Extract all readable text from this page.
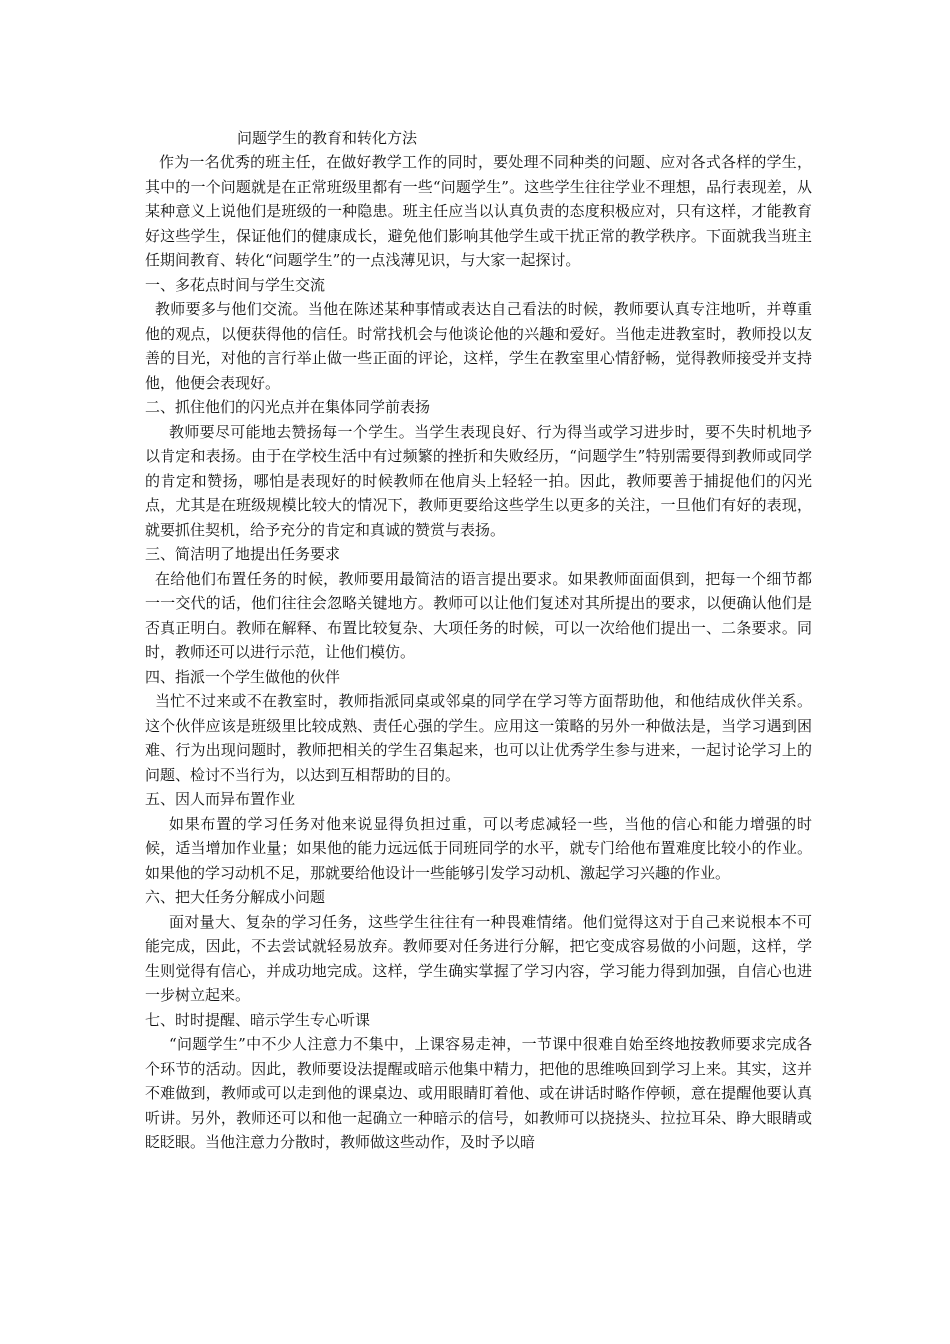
问题学生的教育和转化方法

作为一名优秀的班主任，在做好教学工作的同时，要处理不同种类的问题、应对各式各样的学生，其中的一个问题就是在正常班级里都有一些“问题学生”。这些学生往往学业不理想，品行表现差，从某种意义上说他们是班级的一种隐患。班主任应当以认真负责的态度积极应对，只有这样，才能教育好这些学生，保证他们的健康成长，避免他们影响其他学生或干扰正常的教学秩序。下面就我当班主任期间教育、转化“问题学生”的一点浅薄见识，与大家一起探讨。

一、多花点时间与学生交流

教师要多与他们交流。当他在陈述某种事情或表达自己看法的时候，教师要认真专注地听，并尊重他的观点，以便获得他的信任。时常找机会与他谈论他的兴趣和爱好。当他走进教室时，教师投以友善的目光，对他的言行举止做一些正面的评论，这样，学生在教室里心情舒畅，觉得教师接受并支持他，他便会表现好。

二、抓住他们的闪光点并在集体同学前表扬

教师要尽可能地去赞扬每一个学生。当学生表现良好、行为得当或学习进步时，要不失时机地予以肯定和表扬。由于在学校生活中有过频繁的挫折和失败经历，“问题学生”特别需要得到教师或同学的肯定和赞扬，哪怕是表现好的时候教师在他肩头上轻轻一拍。因此，教师要善于捕捉他们的闪光点，尤其是在班级规模比较大的情况下，教师更要给这些学生以更多的关注，一旦他们有好的表现，就要抓住契机，给予充分的肯定和真诚的赞赏与表扬。

三、简洁明了地提出任务要求

在给他们布置任务的时候，教师要用最简洁的语言提出要求。如果教师面面俱到，把每一个细节都一一交代的话，他们往往会忽略关键地方。教师可以让他们复述对其所提出的要求，以便确认他们是否真正明白。教师在解释、布置比较复杂、大项任务的时候，可以一次给他们提出一、二条要求。同时，教师还可以进行示范，让他们模仿。

四、指派一个学生做他的伙伴

当忙不过来或不在教室时，教师指派同桌或邻桌的同学在学习等方面帮助他，和他结成伙伴关系。这个伙伴应该是班级里比较成熟、责任心强的学生。应用这一策略的另外一种做法是，当学习遇到困难、行为出现问题时，教师把相关的学生召集起来，也可以让优秀学生参与进来，一起讨论学习上的问题、检讨不当行为，以达到互相帮助的目的。

五、因人而异布置作业

如果布置的学习任务对他来说显得负担过重，可以考虑减轻一些，当他的信心和能力增强的时候，适当增加作业量；如果他的能力远远低于同班同学的水平，就专门给他布置难度比较小的作业。如果他的学习动机不足，那就要给他设计一些能够引发学习动机、激起学习兴趣的作业。

六、把大任务分解成小问题

面对量大、复杂的学习任务，这些学生往往有一种畏难情绪。他们觉得这对于自己来说根本不可能完成，因此，不去尝试就轻易放弃。教师要对任务进行分解，把它变成容易做的小问题，这样，学生则觉得有信心，并成功地完成。这样，学生确实掌握了学习内容，学习能力得到加强，自信心也进一步树立起来。

七、时时提醒、暗示学生专心听课

“问题学生”中不少人注意力不集中，上课容易走神，一节课中很难自始至终地按教师要求完成各个环节的活动。因此，教师要设法提醒或暗示他集中精力，把他的思维唤回到学习上来。其实，这并不难做到，教师或可以走到他的课桌边、或用眼睛盯着他、或在讲话时略作停顿，意在提醒他要认真听讲。另外，教师还可以和他一起确立一种暗示的信号，如教师可以挠挠头、拉拉耳朵、睁大眼睛或眨眨眼。当他注意力分散时，教师做这些动作，及时予以暗
